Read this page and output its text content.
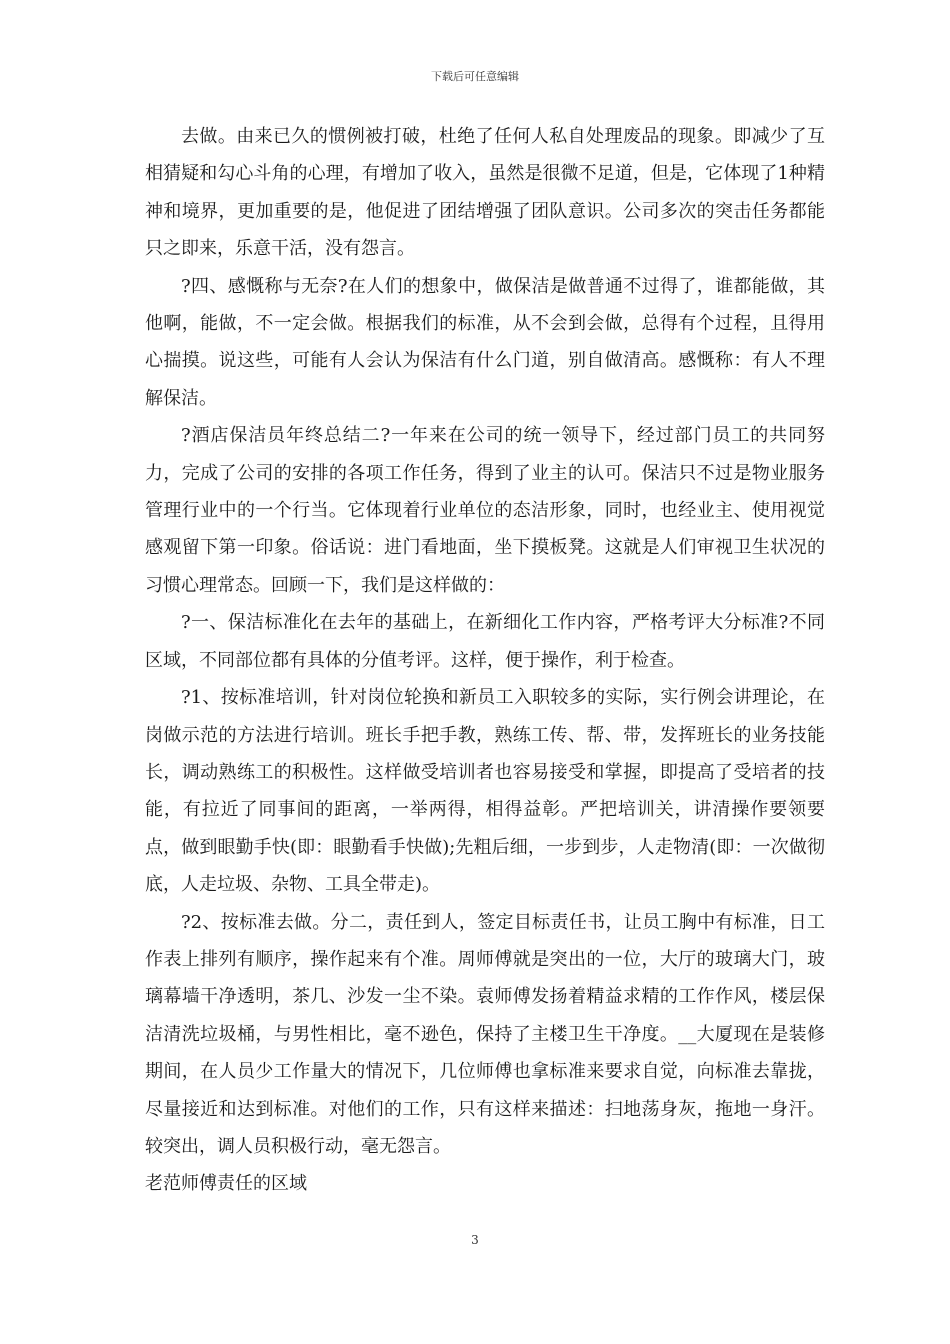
下载后可任意编辑

去做。由来已久的惯例被打破，杜绝了任何人私自处理废品的现象。即减少了互相猜疑和勾心斗角的心理，有增加了收入，虽然是很微不足道，但是，它体现了1种精神和境界，更加重要的是，他促进了团结增强了团队意识。公司多次的突击任务都能只之即来，乐意干活，没有怨言。

?四、感慨称与无奈?在人们的想象中，做保洁是做普通不过得了，谁都能做，其他啊，能做，不一定会做。根据我们的标准，从不会到会做，总得有个过程，且得用心揣摸。说这些，可能有人会认为保洁有什么门道，别自做清高。感慨称：有人不理解保洁。

?酒店保洁员年终总结二?一年来在公司的统一领导下，经过部门员工的共同努力，完成了公司的安排的各项工作任务，得到了业主的认可。保洁只不过是物业服务管理行业中的一个行当。它体现着行业单位的态洁形象，同时，也经业主、使用视觉感观留下第一印象。俗话说：进门看地面，坐下摸板凳。这就是人们审视卫生状况的习惯心理常态。回顾一下，我们是这样做的：

?一、保洁标准化在去年的基础上，在新细化工作内容，严格考评大分标准?不同区域，不同部位都有具体的分值考评。这样，便于操作，利于检查。

?1、按标准培训，针对岗位轮换和新员工入职较多的实际，实行例会讲理论，在岗做示范的方法进行培训。班长手把手教，熟练工传、帮、带，发挥班长的业务技能长，调动熟练工的积极性。这样做受培训者也容易接受和掌握，即提高了受培者的技能，有拉近了同事间的距离，一举两得，相得益彰。严把培训关，讲清操作要领要点，做到眼勤手快(即：眼勤看手快做);先粗后细，一步到步，人走物清(即：一次做彻底，人走垃圾、杂物、工具全带走)。

?2、按标准去做。分二，责任到人，签定目标责任书，让员工胸中有标准，日工作表上排列有顺序，操作起来有个准。周师傅就是突出的一位，大厅的玻璃大门，玻璃幕墙干净透明，茶几、沙发一尘不染。袁师傅发扬着精益求精的工作作风，楼层保洁清洗垃圾桶，与男性相比，毫不逊色，保持了主楼卫生干净度。__大厦现在是装修期间，在人员少工作量大的情况下，几位师傅也拿标准来要求自觉，向标准去靠拢，尽量接近和达到标准。对他们的工作，只有这样来描述：扫地荡身灰，拖地一身汗。较突出，调人员积极行动，毫无怨言。

老范师傅责任的区域

3
